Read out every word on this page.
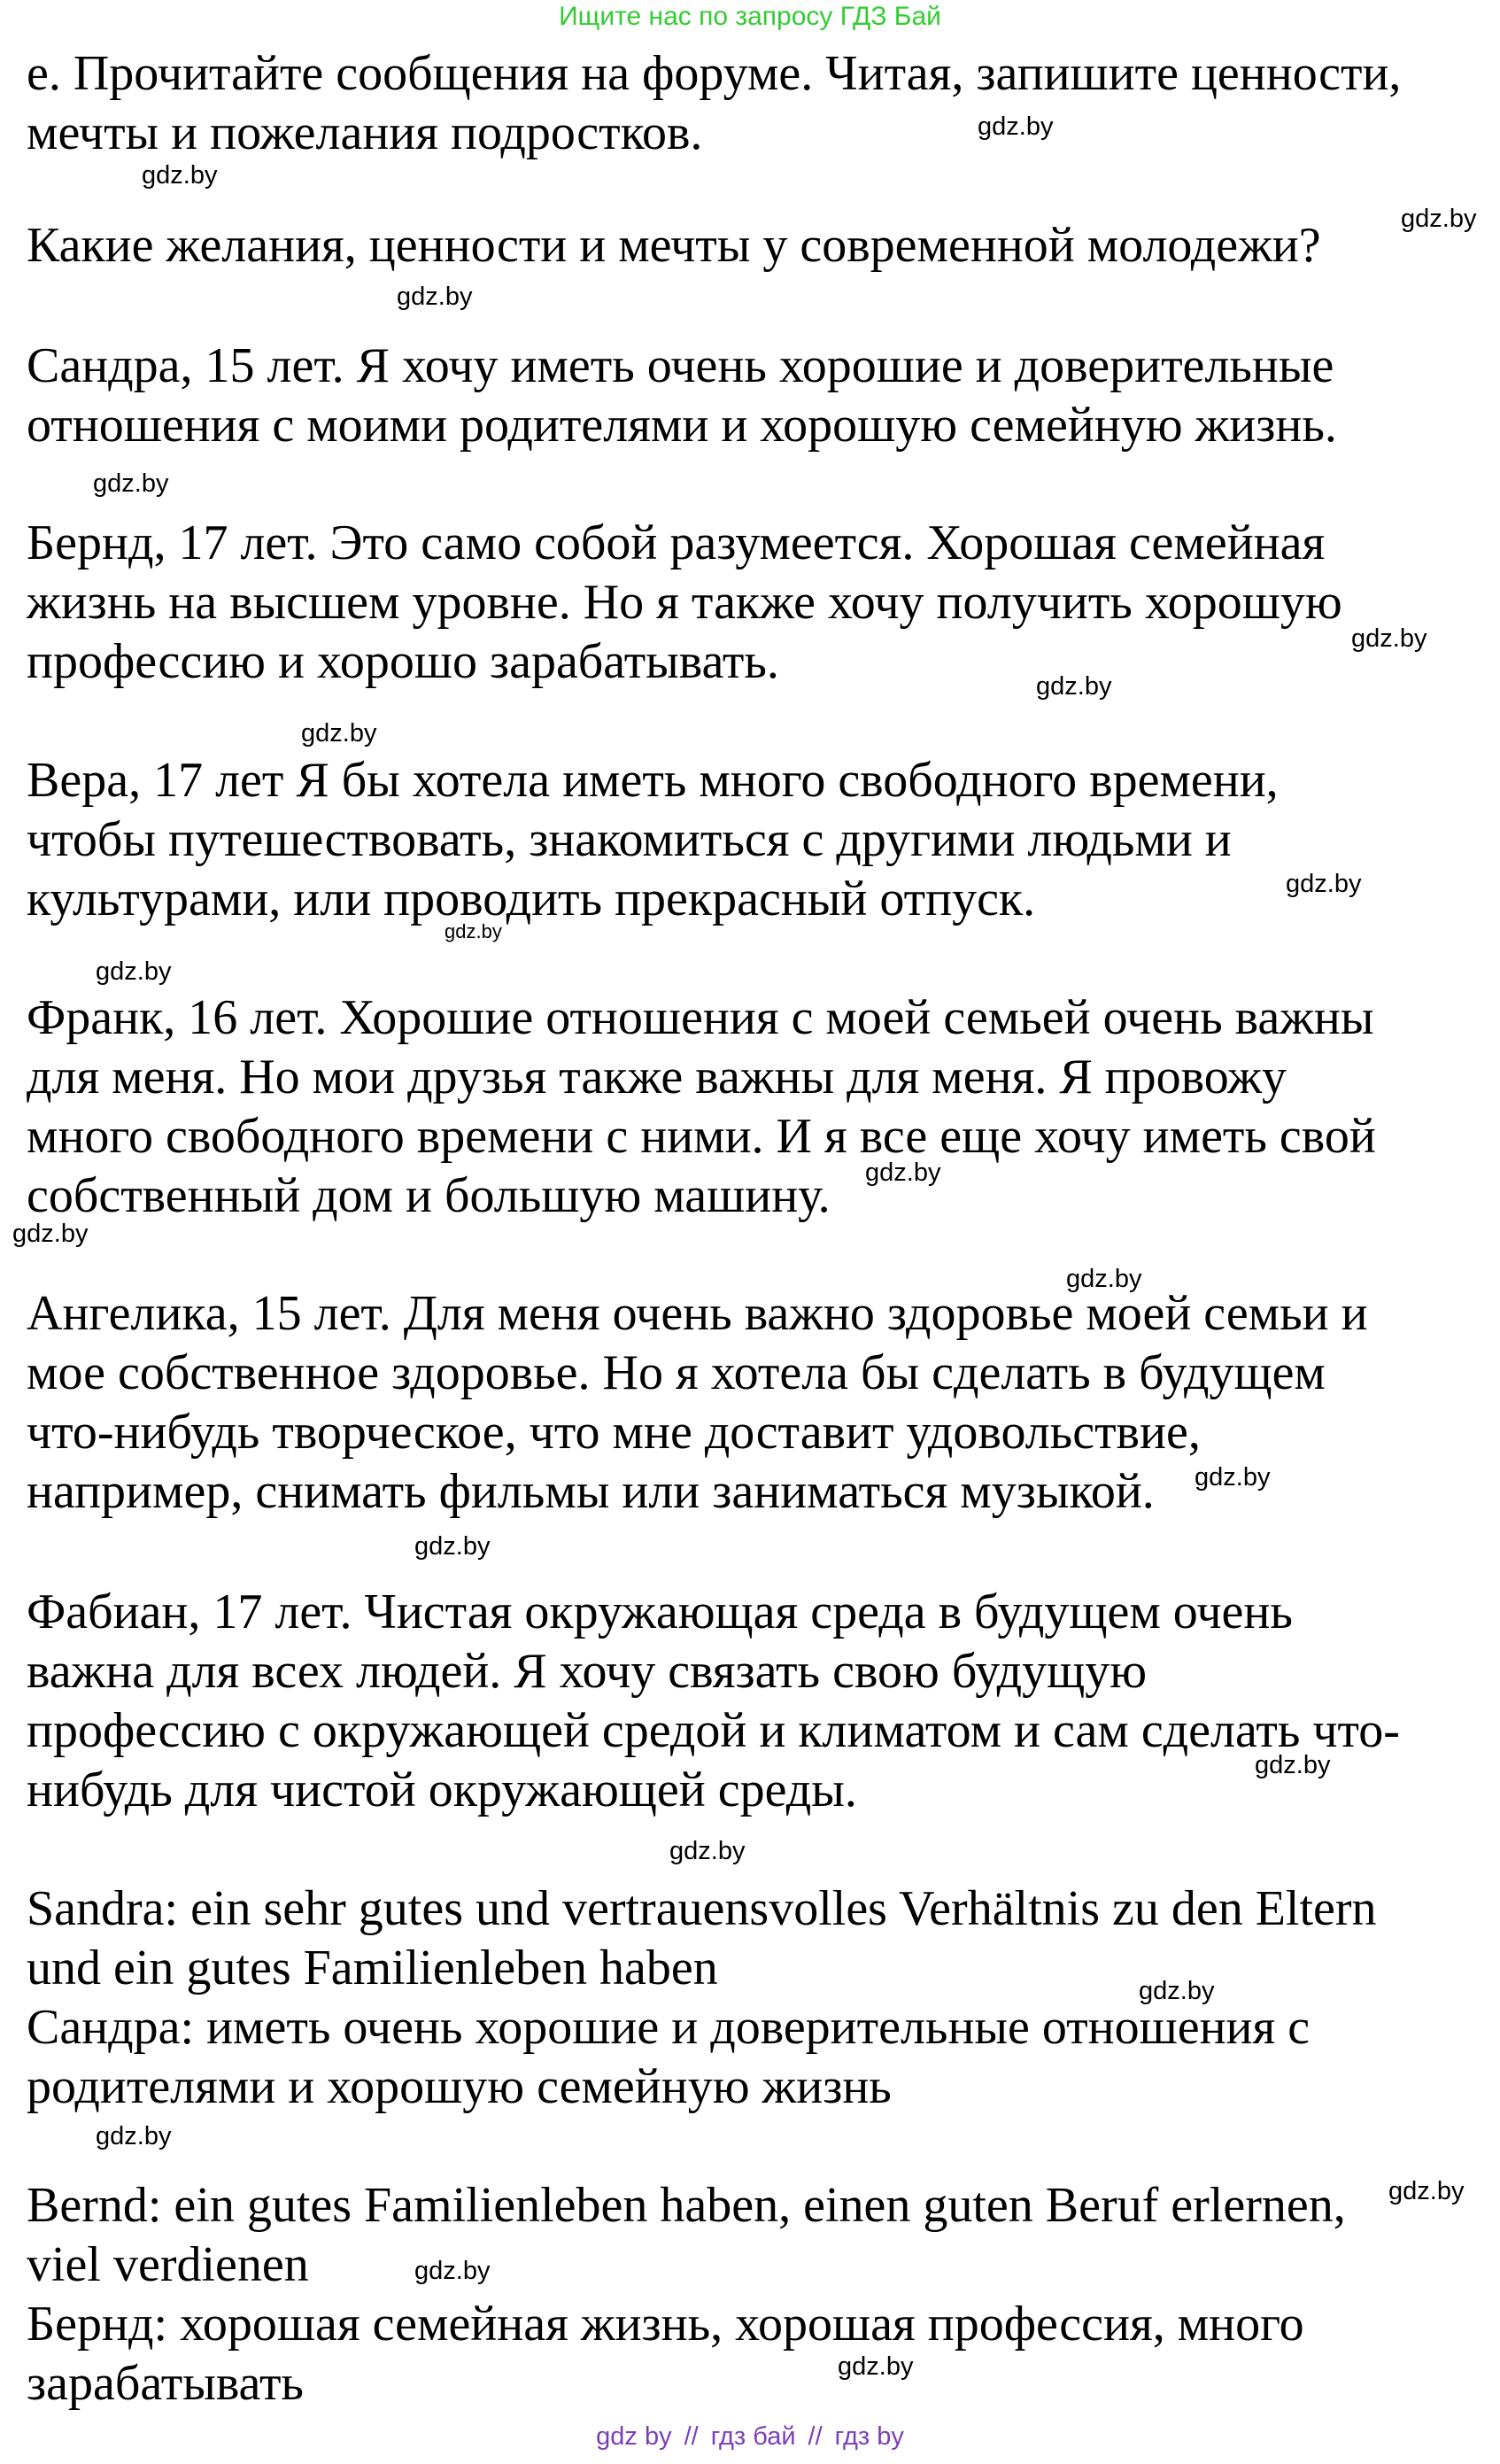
Ищите нас по запросу ГДЗ Бай

е. Прочитайте сообщения на форуме. Читая, запишите ценности,
мечты и пожелания подростков.

Какие желания, ценности и мечты у современной молодежи?

Сандра, 15 лет. Я хочу иметь очень хорошие и доверительные
отношения с моими родителями и хорошую семейную жизнь.

Бернд, 17 лет. Это само собой разумеется. Хорошая семейная
жизнь на высшем уровне. Но я также хочу получить хорошую
профессию и хорошо зарабатывать.

Вера, 17 лет Я бы хотела иметь много свободного времени,
чтобы путешествовать, знакомиться с другими людьми и
культурами, или проводить прекрасный отпуск.

Франк, 16 лет. Хорошие отношения с моей семьей очень важны
для меня. Но мои друзья также важны для меня. Я провожу
много свободного времени с ними. И я все еще хочу иметь свой
собственный дом и большую машину.

Ангелика, 15 лет. Для меня очень важно здоровье моей семьи и
мое собственное здоровье. Но я хотела бы сделать в будущем
что-нибудь творческое, что мне доставит удовольствие,
например, снимать фильмы или заниматься музыкой.

Фабиан, 17 лет. Чистая окружающая среда в будущем очень
важна для всех людей. Я хочу связать свою будущую
профессию с окружающей средой и климатом и сам сделать что-
нибудь для чистой окружающей среды.

Sandra: ein sehr gutes und vertrauensvolles Verhältnis zu den Eltern
und ein gutes Familienleben haben
Сандра: иметь очень хорошие и доверительные отношения с
родителями и хорошую семейную жизнь

Bernd: ein gutes Familienleben haben, einen guten Beruf erlernen,
viel verdienen
Бернд: хорошая семейная жизнь, хорошая профессия, много
зарабатывать

gdz.by
gdz.by
gdz.by
gdz.by
gdz.by
gdz.by
gdz.by
gdz.by
gdz.by
gdz.by
gdz.by
gdz.by
gdz.by
gdz.by
gdz.by
gdz.by
gdz.by
gdz.by
gdz.by
gdz.by
gdz.by
gdz.by
gdz.by
gdz by // гдз бай // гдз by
